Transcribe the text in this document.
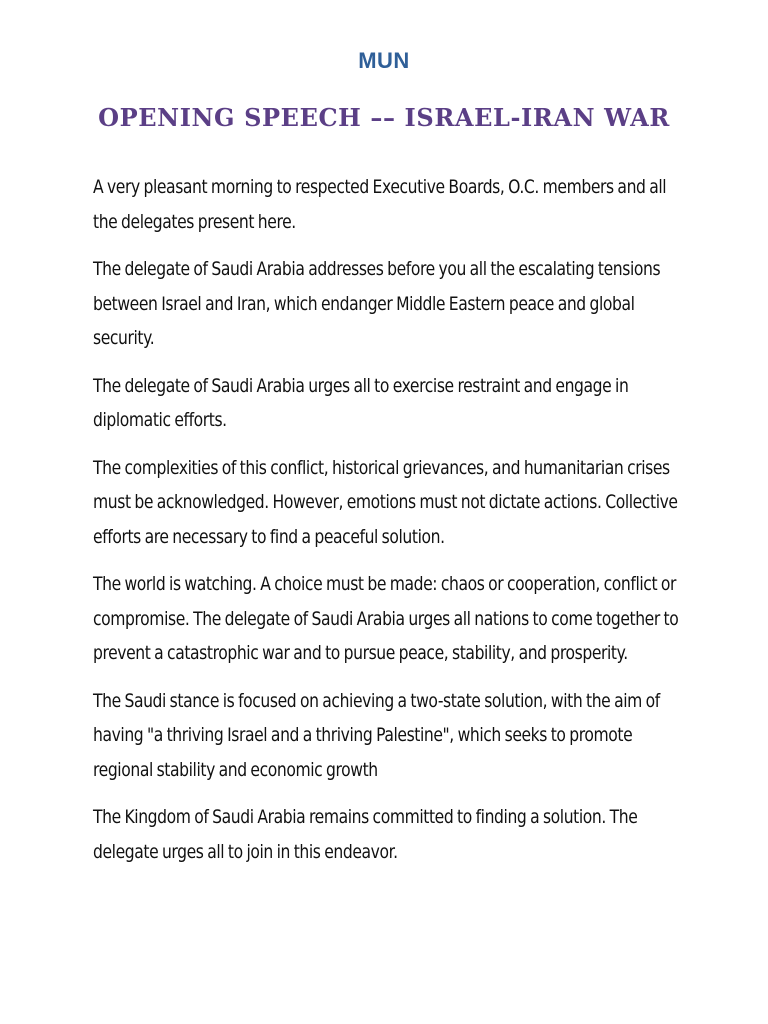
MUN
OPENING SPEECH –– ISRAEL-IRAN WAR

A very pleasant morning to respected Executive Boards, O.C. members and all the delegates present here.

The delegate of Saudi Arabia addresses before you all the escalating tensions between Israel and Iran, which endanger Middle Eastern peace and global security.

The delegate of Saudi Arabia urges all to exercise restraint and engage in diplomatic efforts.

The complexities of this conflict, historical grievances, and humanitarian crises must be acknowledged. However, emotions must not dictate actions. Collective efforts are necessary to find a peaceful solution.

The world is watching. A choice must be made: chaos or cooperation, conflict or compromise. The delegate of Saudi Arabia urges all nations to come together to prevent a catastrophic war and to pursue peace, stability, and prosperity.

The Saudi stance is focused on achieving a two-state solution, with the aim of having "a thriving Israel and a thriving Palestine", which seeks to promote regional stability and economic growth

The Kingdom of Saudi Arabia remains committed to finding a solution. The delegate urges all to join in this endeavor.
